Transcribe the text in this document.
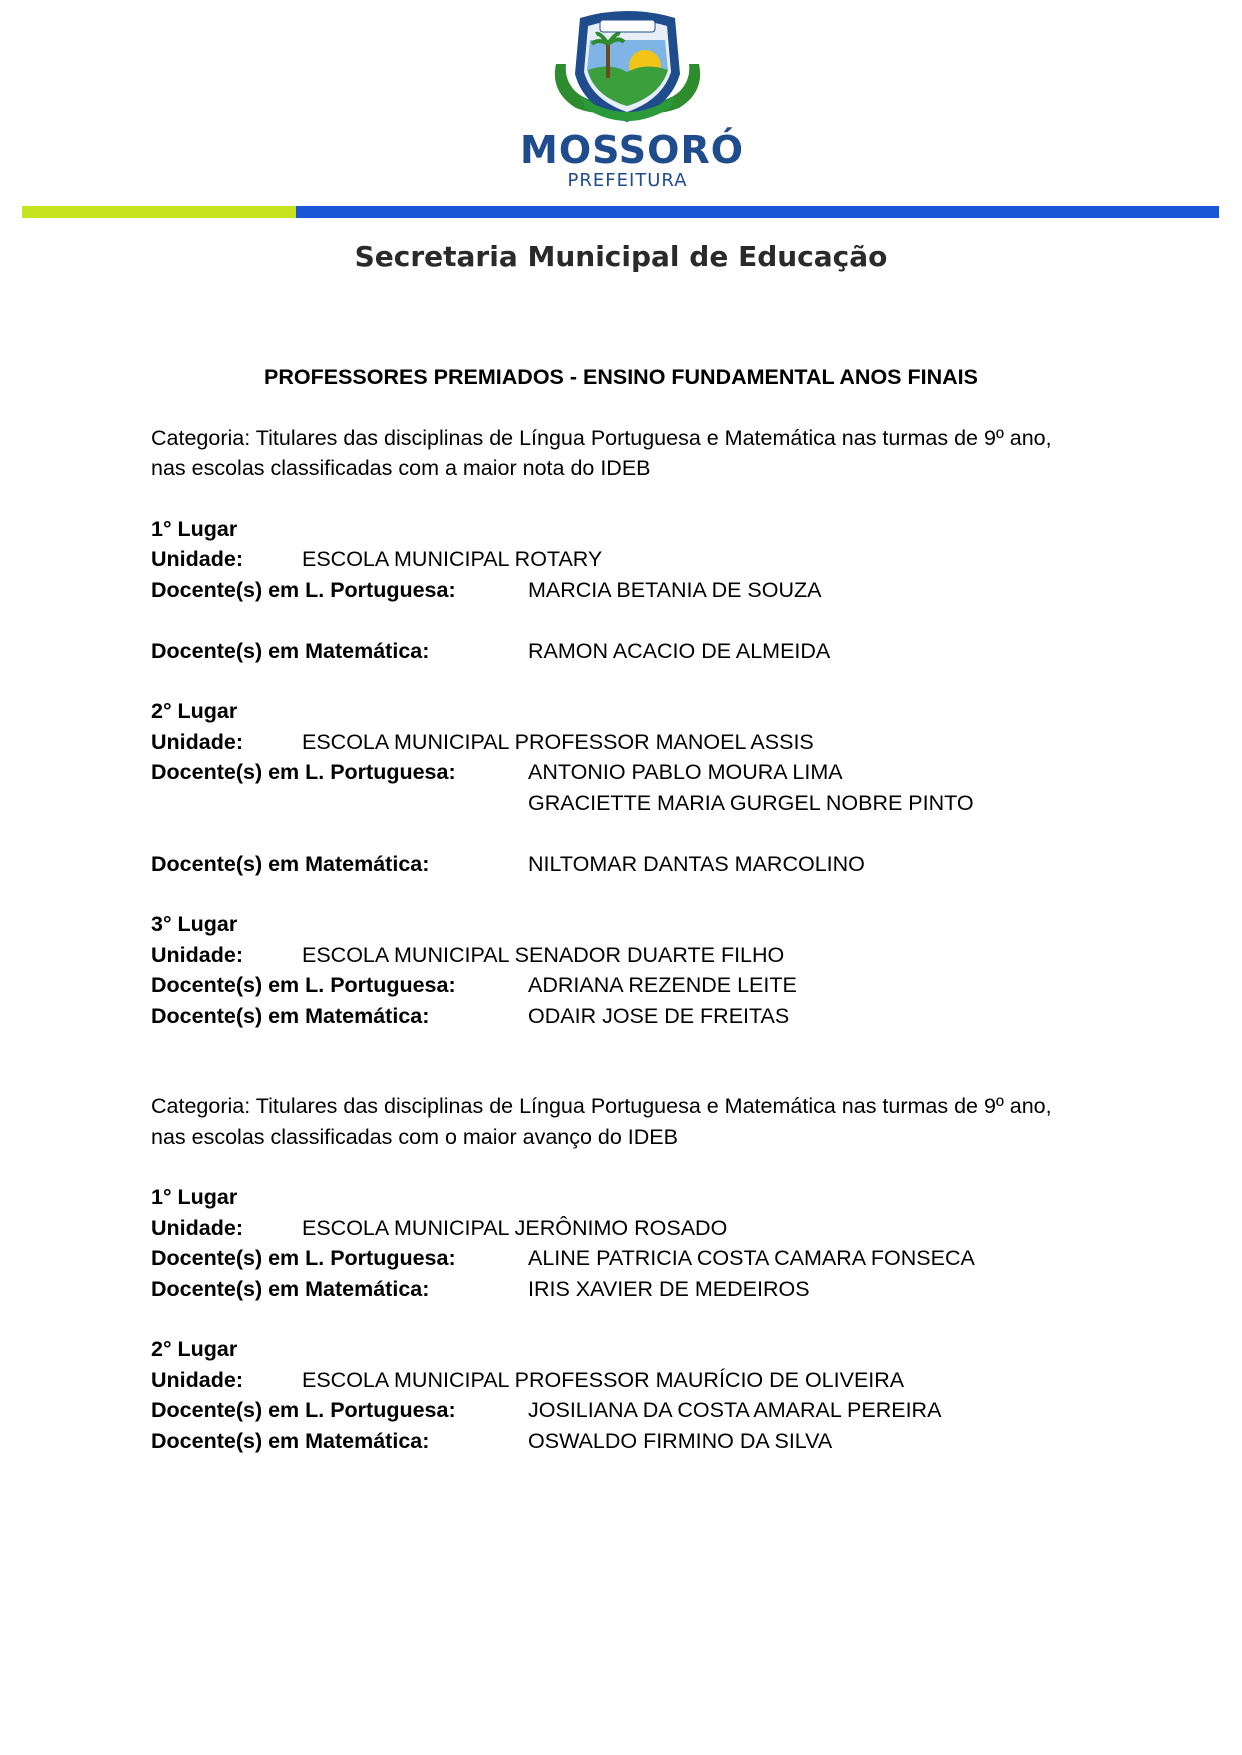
MOSSORÓ
PREFEITURA
Secretaria Municipal de Educação
PROFESSORES PREMIADOS - ENSINO FUNDAMENTAL ANOS FINAIS
Categoria: Titulares das disciplinas de Língua Portuguesa e Matemática nas turmas de 9º ano, nas escolas classificadas com a maior nota do IDEB
1° Lugar
Unidade:	ESCOLA MUNICIPAL ROTARY
Docente(s) em L. Portuguesa:	MARCIA BETANIA DE SOUZA
Docente(s) em Matemática:	RAMON ACACIO DE ALMEIDA
2° Lugar
Unidade:	ESCOLA MUNICIPAL PROFESSOR MANOEL ASSIS
Docente(s) em L. Portuguesa:	ANTONIO PABLO MOURA LIMA
GRACIETTE MARIA GURGEL NOBRE PINTO
Docente(s) em Matemática:	NILTOMAR DANTAS MARCOLINO
3° Lugar
Unidade:	ESCOLA MUNICIPAL SENADOR DUARTE FILHO
Docente(s) em L. Portuguesa:	ADRIANA REZENDE LEITE
Docente(s) em Matemática:	ODAIR JOSE DE FREITAS
Categoria: Titulares das disciplinas de Língua Portuguesa e Matemática nas turmas de 9º ano, nas escolas classificadas com o maior avanço do IDEB
1° Lugar
Unidade:	ESCOLA MUNICIPAL JERÔNIMO ROSADO
Docente(s) em L. Portuguesa:	ALINE PATRICIA COSTA CAMARA FONSECA
Docente(s) em Matemática:	IRIS XAVIER DE MEDEIROS
2° Lugar
Unidade:	ESCOLA MUNICIPAL PROFESSOR MAURÍCIO DE OLIVEIRA
Docente(s) em L. Portuguesa:	JOSILIANA DA COSTA AMARAL PEREIRA
Docente(s) em Matemática:	OSWALDO FIRMINO DA SILVA
